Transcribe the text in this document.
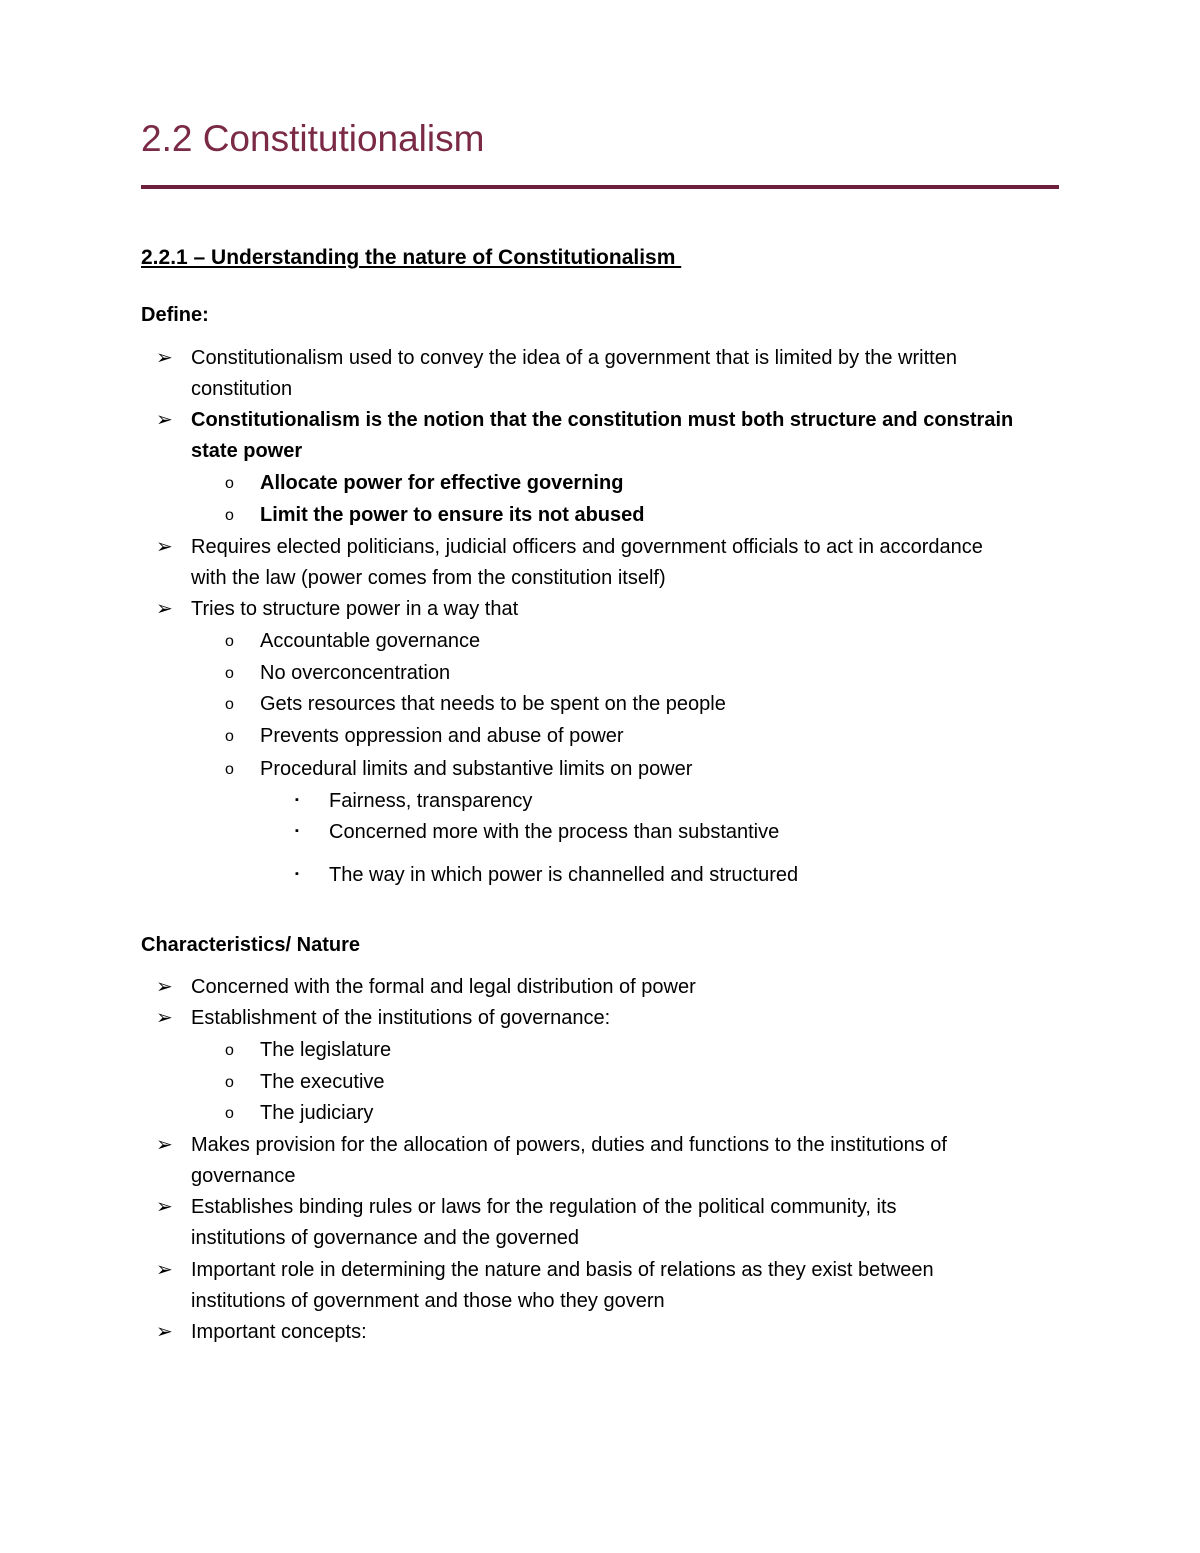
2.2 Constitutionalism
2.2.1 – Understanding the nature of Constitutionalism
Define:
➢ Constitutionalism used to convey the idea of a government that is limited by the written
constitution
➢ Constitutionalism is the notion that the constitution must both structure and constrain
state power
o Allocate power for effective governing
o Limit the power to ensure its not abused
➢ Requires elected politicians, judicial officers and government officials to act in accordance
with the law (power comes from the constitution itself)
➢ Tries to structure power in a way that
o Accountable governance
o No overconcentration
o Gets resources that needs to be spent on the people
o Prevents oppression and abuse of power
o Procedural limits and substantive limits on power
▪ Fairness, transparency
▪ Concerned more with the process than substantive
▪ The way in which power is channelled and structured
Characteristics/ Nature
➢ Concerned with the formal and legal distribution of power
➢ Establishment of the institutions of governance:
o The legislature
o The executive
o The judiciary
➢ Makes provision for the allocation of powers, duties and functions to the institutions of
governance
➢ Establishes binding rules or laws for the regulation of the political community, its
institutions of governance and the governed
➢ Important role in determining the nature and basis of relations as they exist between
institutions of government and those who they govern
➢ Important concepts:
